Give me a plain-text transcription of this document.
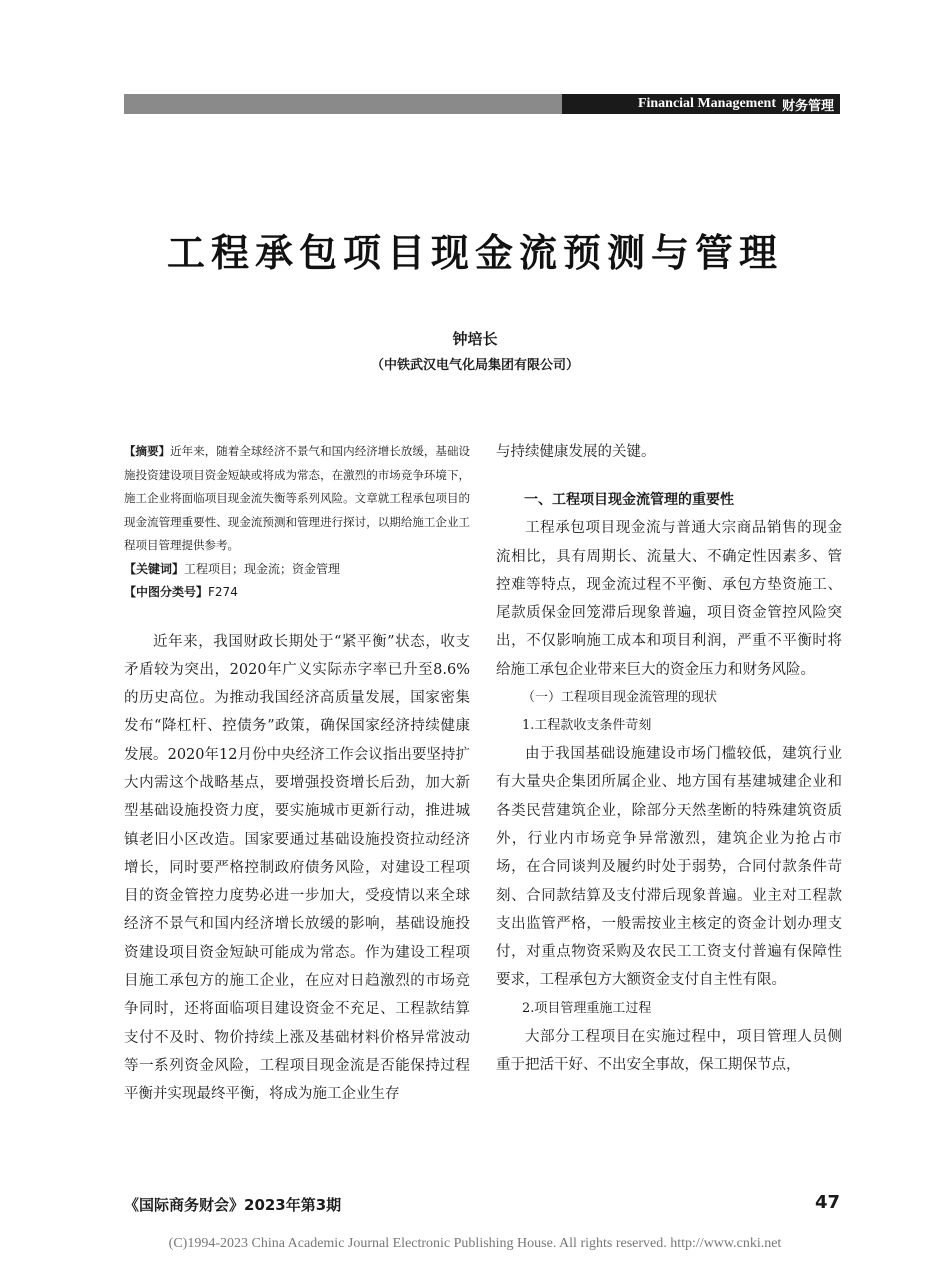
Financial Management 财务管理
工程承包项目现金流预测与管理
钟培长
（中铁武汉电气化局集团有限公司）

【摘要】近年来，随着全球经济不景气和国内经济增长放缓，基础设施投资建设项目资金短缺或将成为常态，在激烈的市场竞争环境下，施工企业将面临项目现金流失衡等系列风险。文章就工程承包项目的现金流管理重要性、现金流预测和管理进行探讨，以期给施工企业工程项目管理提供参考。

【关键词】工程项目；现金流；资金管理

【中图分类号】F274

近年来，我国财政长期处于“紧平衡”状态，收支矛盾较为突出，2020年广义实际赤字率已升至8.6%的历史高位。为推动我国经济高质量发展，国家密集发布“降杠杆、控债务”政策，确保国家经济持续健康发展。2020年12月份中央经济工作会议指出要坚持扩大内需这个战略基点，要增强投资增长后劲，加大新型基础设施投资力度，要实施城市更新行动，推进城镇老旧小区改造。国家要通过基础设施投资拉动经济增长，同时要严格控制政府债务风险，对建设工程项目的资金管控力度势必进一步加大，受疫情以来全球经济不景气和国内经济增长放缓的影响，基础设施投资建设项目资金短缺可能成为常态。作为建设工程项目施工承包方的施工企业，在应对日趋激烈的市场竞争同时，还将面临项目建设资金不充足、工程款结算支付不及时、物价持续上涨及基础材料价格异常波动等一系列资金风险，工程项目现金流是否能保持过程平衡并实现最终平衡，将成为施工企业生存

与持续健康发展的关键。

一、工程项目现金流管理的重要性

工程承包项目现金流与普通大宗商品销售的现金流相比，具有周期长、流量大、不确定性因素多、管控难等特点，现金流过程不平衡、承包方垫资施工、尾款质保金回笼滞后现象普遍，项目资金管控风险突出，不仅影响施工成本和项目利润，严重不平衡时将给施工承包企业带来巨大的资金压力和财务风险。

（一）工程项目现金流管理的现状

1.工程款收支条件苛刻

由于我国基础设施建设市场门槛较低，建筑行业有大量央企集团所属企业、地方国有基建城建企业和各类民营建筑企业，除部分天然垄断的特殊建筑资质外，行业内市场竞争异常激烈，建筑企业为抢占市场，在合同谈判及履约时处于弱势，合同付款条件苛刻、合同款结算及支付滞后现象普遍。业主对工程款支出监管严格，一般需按业主核定的资金计划办理支付，对重点物资采购及农民工工资支付普遍有保障性要求，工程承包方大额资金支付自主性有限。

2.项目管理重施工过程

大部分工程项目在实施过程中，项目管理人员侧重于把活干好、不出安全事故，保工期保节点，

《国际商务财会》2023年第3期	47
(C)1994-2023 China Academic Journal Electronic Publishing House. All rights reserved. http://www.cnki.net
